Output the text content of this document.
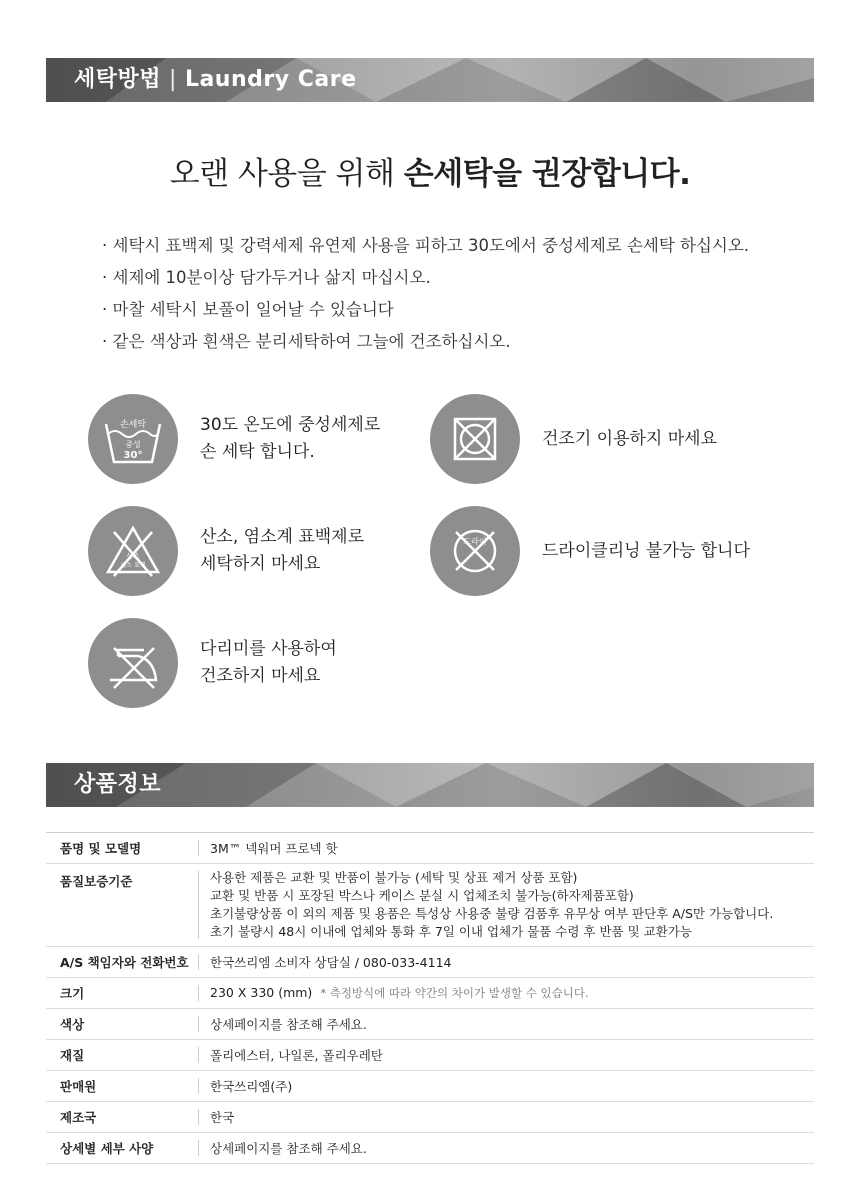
세탁방법 | Laundry Care
오랜 사용을 위해 손세탁을 권장합니다.
· 세탁시 표백제 및 강력세제 유연제 사용을 피하고 30도에서 중성세제로 손세탁 하십시오.
· 세제에 10분이상 담가두거나 삶지 마십시오.
· 마찰 세탁시 보풀이 일어날 수 있습니다
· 같은 색상과 흰색은 분리세탁하여 그늘에 건조하십시오.
손세탁
중성
30°
30도 온도에 중성세제로
손 세탁 합니다.
건조기 이용하지 마세요
산소
염소 표백
산소, 염소계 표백제로
세탁하지 마세요
드라이	드라이클리닝 불가능 합니다
다리미를 사용하여
건조하지 마세요
상품정보
품명 및 모델명	3M™ 넥워머 프로넥 핫
품질보증기준	사용한 제품은 교환 및 반품이 불가능 (세탁 및 상표 제거 상품 포함)
교환 및 반품 시 포장된 박스나 케이스 분실 시 업체조치 불가능(하자제품포함)
초기불량상품 이 외의 제품 및 용품은 특성상 사용중 불량 검품후 유무상 여부 판단후 A/S만 가능합니다.
초기 불량시 48시 이내에 업체와 통화 후 7일 이내 업체가 물품 수령 후 반품 및 교환가능

A/S 책임자와 전화번호	한국쓰리엠 소비자 상담실 / 080-033-4114
크기	230 X 330 (mm) * 측정방식에 따라 약간의 차이가 발생할 수 있습니다.
색상	상세페이지를 참조해 주세요.
재질	폴리에스터, 나일론, 폴리우레탄
판매원	한국쓰리엠(주)
제조국	한국
상세별 세부 사양	상세페이지를 참조해 주세요.
